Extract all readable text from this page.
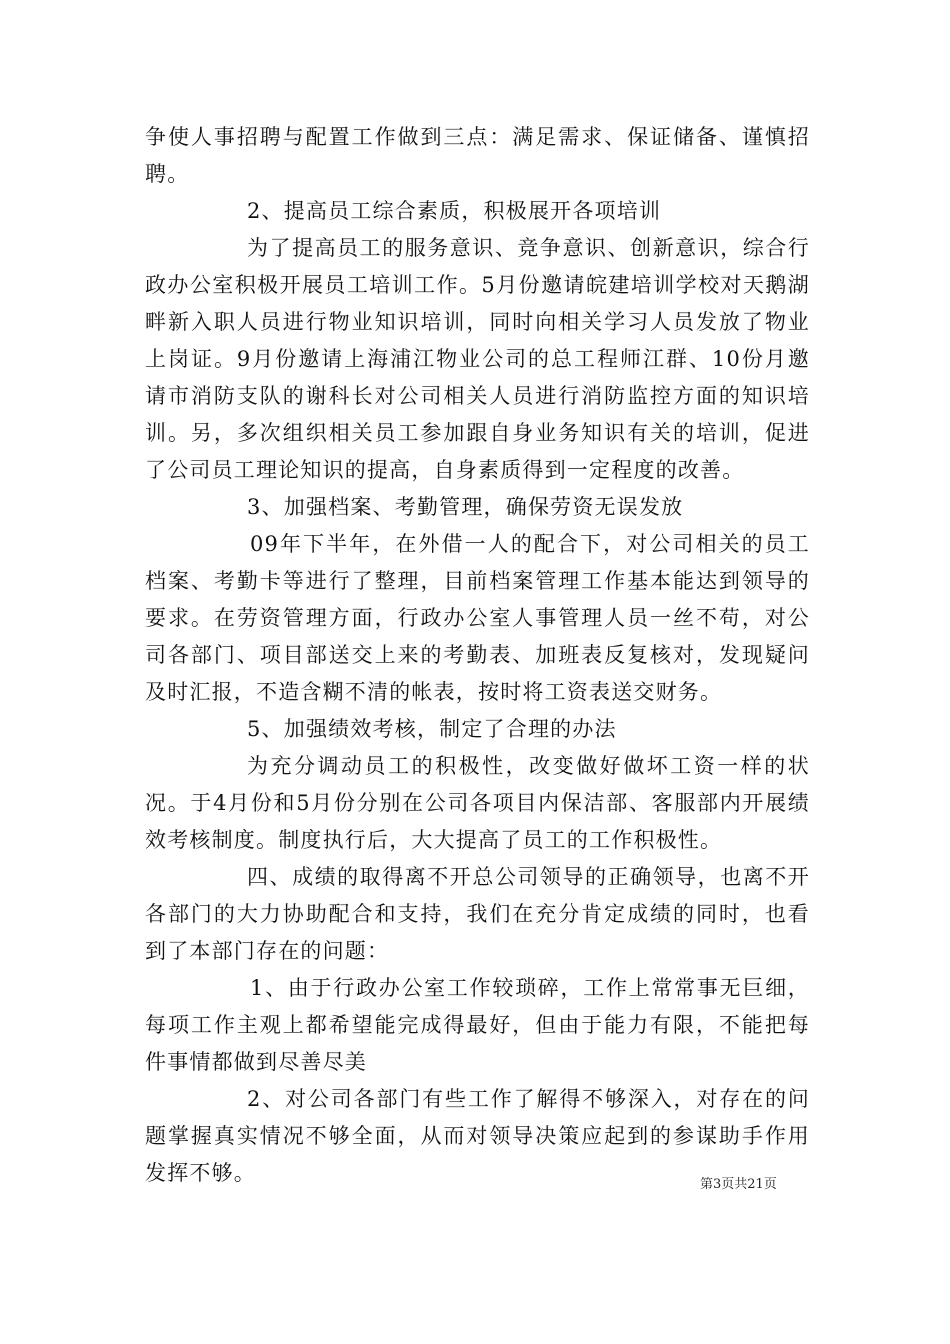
争使人事招聘与配置工作做到三点：满足需求、保证储备、谨慎招聘。

2、提高员工综合素质，积极展开各项培训

为了提高员工的服务意识、竞争意识、创新意识，综合行政办公室积极开展员工培训工作。5月份邀请皖建培训学校对天鹅湖畔新入职人员进行物业知识培训，同时向相关学习人员发放了物业上岗证。9月份邀请上海浦江物业公司的总工程师江群、10份月邀请市消防支队的谢科长对公司相关人员进行消防监控方面的知识培训。另，多次组织相关员工参加跟自身业务知识有关的培训，促进了公司员工理论知识的提高，自身素质得到一定程度的改善。

3、加强档案、考勤管理，确保劳资无误发放

09年下半年，在外借一人的配合下，对公司相关的员工档案、考勤卡等进行了整理，目前档案管理工作基本能达到领导的要求。在劳资管理方面，行政办公室人事管理人员一丝不苟，对公司各部门、项目部送交上来的考勤表、加班表反复核对，发现疑问及时汇报，不造含糊不清的帐表，按时将工资表送交财务。

5、加强绩效考核，制定了合理的办法

为充分调动员工的积极性，改变做好做坏工资一样的状况。于4月份和5月份分别在公司各项目内保洁部、客服部内开展绩效考核制度。制度执行后，大大提高了员工的工作积极性。

四、成绩的取得离不开总公司领导的正确领导，也离不开各部门的大力协助配合和支持，我们在充分肯定成绩的同时，也看到了本部门存在的问题：

1、由于行政办公室工作较琐碎，工作上常常事无巨细，每项工作主观上都希望能完成得最好，但由于能力有限，不能把每件事情都做到尽善尽美

2、对公司各部门有些工作了解得不够深入，对存在的问题掌握真实情况不够全面，从而对领导决策应起到的参谋助手作用发挥不够。	第3页共21页
